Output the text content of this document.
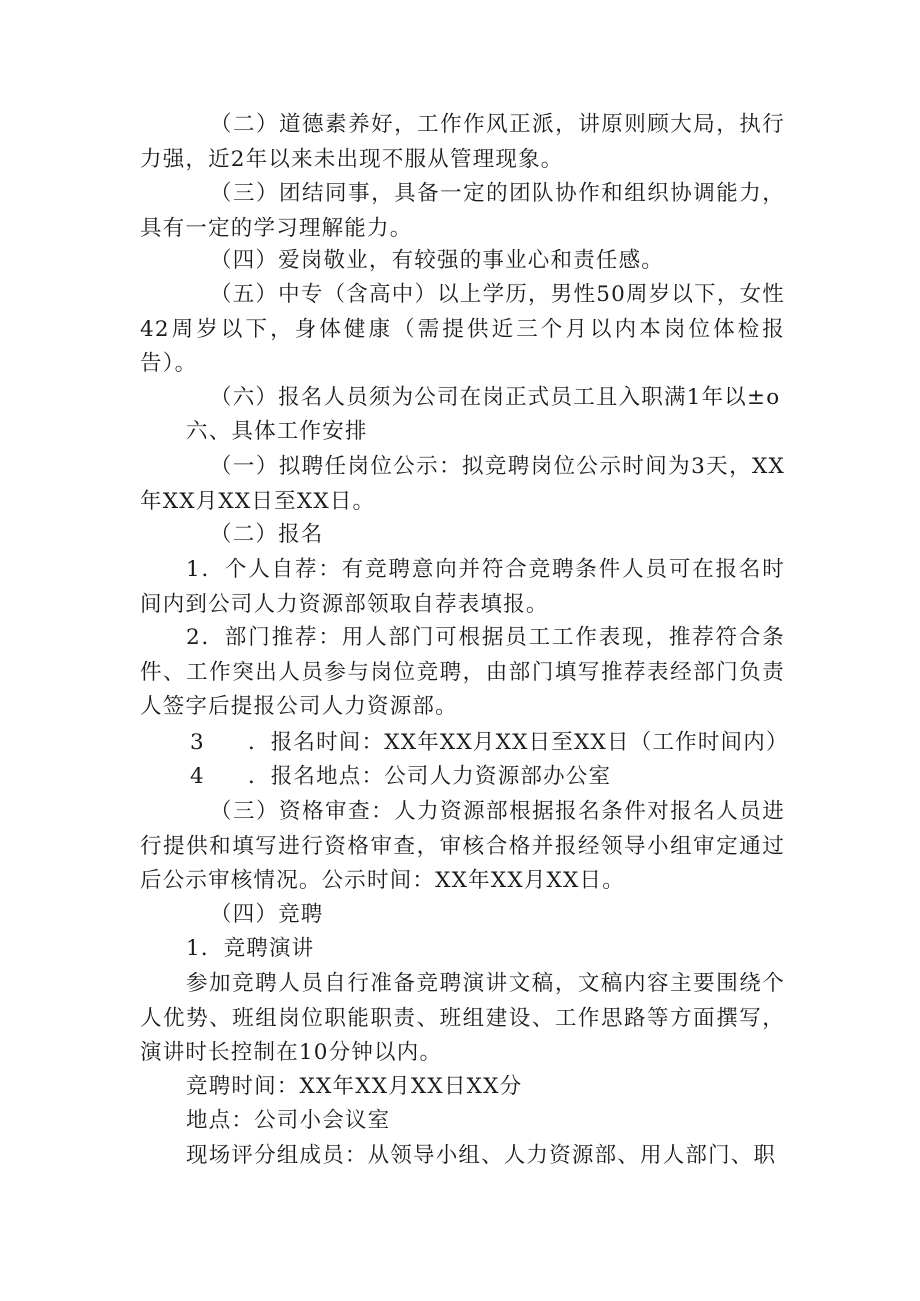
（二）道德素养好，工作作风正派，讲原则顾大局，执行力强，近2年以来未出现不服从管理现象。

（三）团结同事，具备一定的团队协作和组织协调能力，具有一定的学习理解能力。

（四）爱岗敬业，有较强的事业心和责任感。

（五）中专（含高中）以上学历，男性50周岁以下，女性42周岁以下，身体健康（需提供近三个月以内本岗位体检报告）。

（六）报名人员须为公司在岗正式员工且入职满1年以±o

六、具体工作安排

（一）拟聘任岗位公示：拟竞聘岗位公示时间为3天，XX年XX月XX日至XX日。

（二）报名

1．个人自荐：有竞聘意向并符合竞聘条件人员可在报名时间内到公司人力资源部领取自荐表填报。

2．部门推荐：用人部门可根据员工工作表现，推荐符合条件、工作突出人员参与岗位竞聘，由部门填写推荐表经部门负责人签字后提报公司人力资源部。

3 ．报名时间：XX年XX月XX日至XX日（工作时间内）
4 ．报名地点：公司人力资源部办公室

（三）资格审查：人力资源部根据报名条件对报名人员进行提供和填写进行资格审查，审核合格并报经领导小组审定通过后公示审核情况。公示时间：XX年XX月XX日。

（四）竞聘

1．竞聘演讲

参加竞聘人员自行准备竞聘演讲文稿，文稿内容主要围绕个人优势、班组岗位职能职责、班组建设、工作思路等方面撰写，演讲时长控制在10分钟以内。

竞聘时间：XX年XX月XX日XX分

地点：公司小会议室

现场评分组成员：从领导小组、人力资源部、用人部门、职
